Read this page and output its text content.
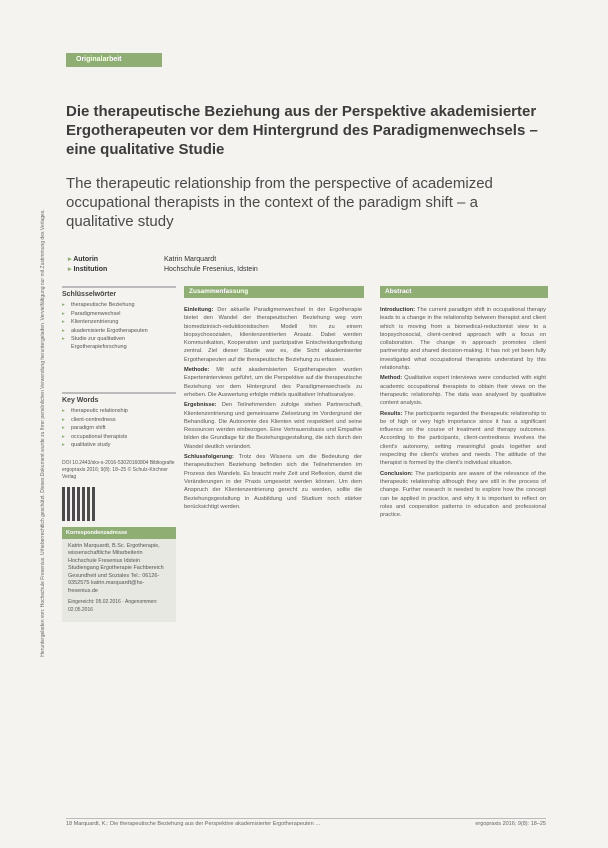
Heruntergeladen von: Hochschule Fresenius. Urheberrechtlich geschützt. Dieses Dokument wurde zu Ihrer persönlichen Verwendung heruntergeladen. Vervielfältigung nur mit Zustimmung des Verlages.
Originalarbeit
Die therapeutische Beziehung aus der Perspektive akademisierter Ergotherapeuten vor dem Hintergrund des Paradigmenwechsels – eine qualitative Studie
The therapeutic relationship from the perspective of academized occupational therapists in the context of the paradigm shift – a qualitative study
▸ Autorin	Katrin Marquardt
▸ Institution	Hochschule Fresenius, Idstein
Schlüsselwörter
▸ therapeutische Beziehung
▸ Paradigmenwechsel
▸ Klientenzentrierung
▸ akademisierte Ergotherapeuten
▸ Studie zur qualitativen Ergotherapieforschung
Key Words
▸ therapeutic relationship
▸ client-centredness
▸ paradigm shift
▸ occupational therapists
▸ qualitative study
DOI 10.2443/skv-s-2016-53020160804 Bibliografie ergopraxis 2016; 9(8): 18–25 © Schulz-Kirchner Verlag
Korrespondenzadresse
Katrin Marquardt, B.Sc. Ergotherapie, wissenschaftliche Mitarbeiterin Hochschule Fresenius Idstein Studiengang Ergotherapie Fachbereich Gesundheit und Soziales Tel.: 06126-9352575 katrin.marquardt@hs-fresenius.de
Eingereicht: 05.02.2016 · Angenommen: 02.05.2016
Zusammenfassung

Einleitung: Der aktuelle Paradigmenwechsel in der Ergotherapie bietet den Wandel der therapeutischen Beziehung weg vom biomedizinisch-reduktionistischen Modell hin zu einem biopsychosozialen, klientenzentrierten Ansatz. Dabei werden Kommunikation, Kooperation und partizipative Entscheidungsfindung zentral. Ziel dieser Studie war es, die Sicht akademisierter Ergotherapeuten auf die therapeutische Beziehung zu erfassen.

Methode: Mit acht akademisierten Ergotherapeuten wurden Experteninterviews geführt, um die Perspektive auf die therapeutische Beziehung vor dem Hintergrund des Paradigmenwechsels zu erheben. Die Auswertung erfolgte mittels qualitativer Inhaltsanalyse.

Ergebnisse: Den Teilnehmenden zufolge stehen Partnerschaft, Klientenzentrierung und gemeinsame Zielsetzung im Vordergrund der Behandlung. Die Autonomie des Klienten wird respektiert und seine Ressourcen werden einbezogen. Eine Vertrauensbasis und Empathie bilden die Grundlage für die Beziehungsgestaltung, die sich durch den Wandel deutlich verändert.

Schlussfolgerung: Trotz des Wissens um die Bedeutung der therapeutischen Beziehung befinden sich die Teilnehmenden im Prozess des Wandels. Es braucht mehr Zeit und Reflexion, damit die Veränderungen in der Praxis umgesetzt werden können. Um dem Anspruch der Klientenzentrierung gerecht zu werden, sollte die Beziehungsgestaltung in Ausbildung und Studium noch stärker berücksichtigt werden.

Abstract

Introduction: The current paradigm shift in occupational therapy leads to a change in the relationship between therapist and client which is moving from a biomedical-reductionist view to a biopsychosocial, client-centred approach with a focus on collaboration. The change in approach promotes client partnership and shared decision-making. It has not yet been fully investigated what occupational therapists understand by this relationship.

Method: Qualitative expert interviews were conducted with eight academic occupational therapists to obtain their views on the therapeutic relationship. The data was analysed by qualitative content analysis.

Results: The participants regarded the therapeutic relationship to be of high or very high importance since it has a significant influence on the course of treatment and therapy outcomes. According to the participants, client-centredness involves the client's autonomy, setting meaningful goals together and respecting the client's wishes and needs. The attitude of the therapist is formed by the client's individual situation.

Conclusion: The participants are aware of the relevance of the therapeutic relationship although they are still in the process of change. Further research is needed to explore how the concept can be applied in practice, and why it is important to reflect on roles and cooperation patterns in education and professional practice.

18 Marquardt, K.: Die therapeutische Beziehung aus der Perspektive akademisierter Ergotherapeuten …	ergopraxis 2016; 9(8): 18–25
